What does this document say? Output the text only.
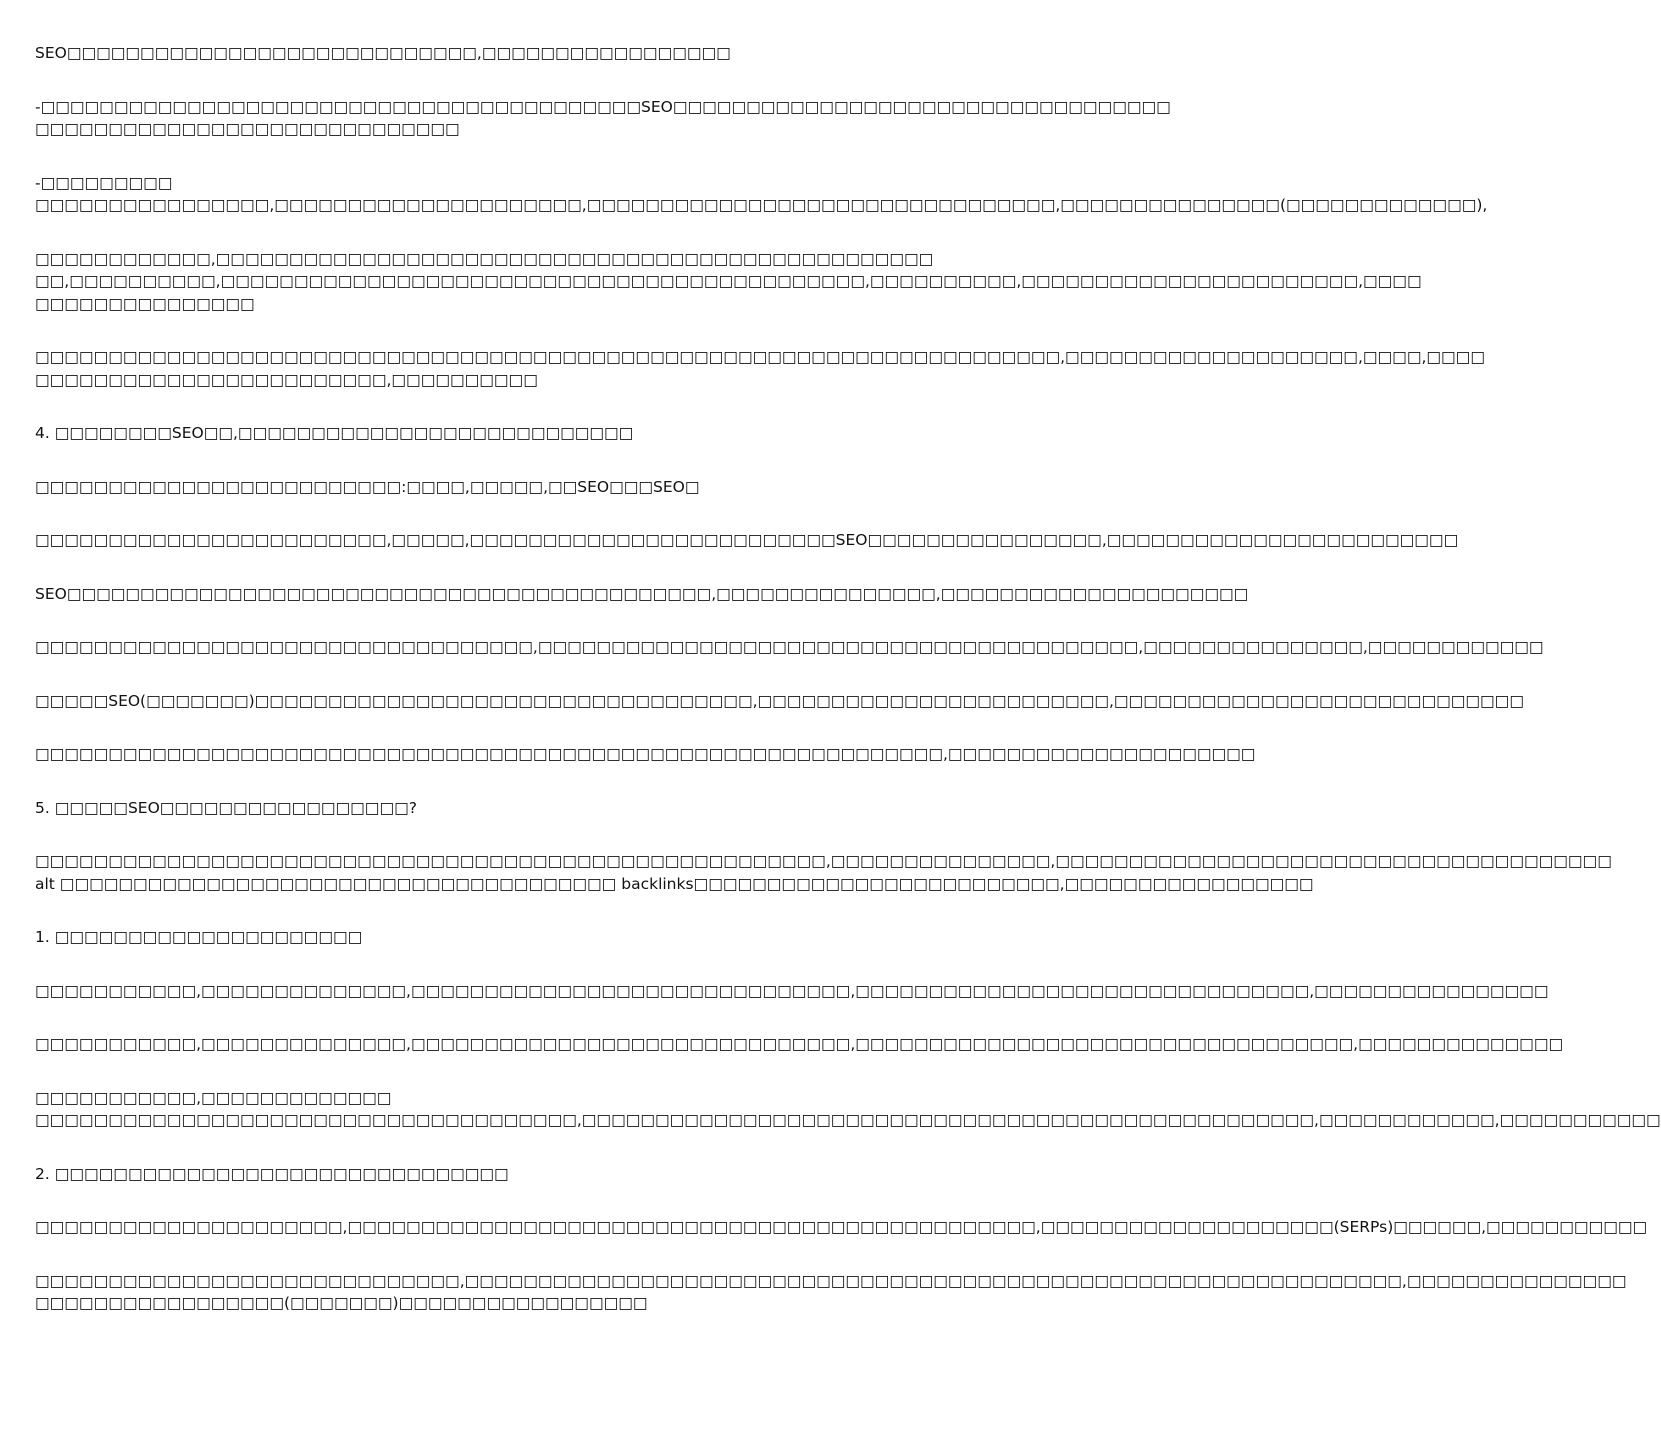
SEO□□□□□□□□□□□□□□□□□□□□□□□□□□□□,□□□□□□□□□□□□□□□□□

-□□□□□□□□□□□□□□□□□□□□□□□□□□□□□□□□□□□□□□□□□SEO□□□□□□□□□□□□□□□□□□□□□□□□□□□□□□□□□□
□□□□□□□□□□□□□□□□□□□□□□□□□□□□□

-□□□□□□□□□
□□□□□□□□□□□□□□□□,□□□□□□□□□□□□□□□□□□□□□,□□□□□□□□□□□□□□□□□□□□□□□□□□□□□□□□,□□□□□□□□□□□□□□□(□□□□□□□□□□□□□),

□□□□□□□□□□□□,□□□□□□□□□□□□□□□□□□□□□□□□□□□□□□□□□□□□□□□□□□□□□□□□□
□□,□□□□□□□□□□,□□□□□□□□□□□□□□□□□□□□□□□□□□□□□□□□□□□□□□□□□□□□,□□□□□□□□□□,□□□□□□□□□□□□□□□□□□□□□□□,□□□□
□□□□□□□□□□□□□□□

□□□□□□□□□□□□□□□□□□□□□□□□□□□□□□□□□□□□□□□□□□□□□□□□□□□□□□□□□□□□□□□□□□□□□□,□□□□□□□□□□□□□□□□□□□□,□□□□,□□□□
□□□□□□□□□□□□□□□□□□□□□□□□,□□□□□□□□□□

4. □□□□□□□□SEO□□,□□□□□□□□□□□□□□□□□□□□□□□□□□□

□□□□□□□□□□□□□□□□□□□□□□□□□:□□□□,□□□□□,□□SEO□□□SEO□

□□□□□□□□□□□□□□□□□□□□□□□□,□□□□□,□□□□□□□□□□□□□□□□□□□□□□□□□SEO□□□□□□□□□□□□□□□□,□□□□□□□□□□□□□□□□□□□□□□□□

SEO□□□□□□□□□□□□□□□□□□□□□□□□□□□□□□□□□□□□□□□□□□□□,□□□□□□□□□□□□□□□,□□□□□□□□□□□□□□□□□□□□□

□□□□□□□□□□□□□□□□□□□□□□□□□□□□□□□□□□,□□□□□□□□□□□□□□□□□□□□□□□□□□□□□□□□□□□□□□□□□,□□□□□□□□□□□□□□□,□□□□□□□□□□□□

□□□□□SEO(□□□□□□□)□□□□□□□□□□□□□□□□□□□□□□□□□□□□□□□□□□,□□□□□□□□□□□□□□□□□□□□□□□□,□□□□□□□□□□□□□□□□□□□□□□□□□□□□

□□□□□□□□□□□□□□□□□□□□□□□□□□□□□□□□□□□□□□□□□□□□□□□□□□□□□□□□□□□□□□,□□□□□□□□□□□□□□□□□□□□□

5. □□□□□SEO□□□□□□□□□□□□□□□□□?

□□□□□□□□□□□□□□□□□□□□□□□□□□□□□□□□□□□□□□□□□□□□□□□□□□□□□□,□□□□□□□□□□□□□□□,□□□□□□□□□□□□□□□□□□□□□□□□□□□□□□□□□□□□□□
alt □□□□□□□□□□□□□□□□□□□□□□□□□□□□□□□□□□□□□□ backlinks□□□□□□□□□□□□□□□□□□□□□□□□□,□□□□□□□□□□□□□□□□□

1. □□□□□□□□□□□□□□□□□□□□□

□□□□□□□□□□□,□□□□□□□□□□□□□□,□□□□□□□□□□□□□□□□□□□□□□□□□□□□□□,□□□□□□□□□□□□□□□□□□□□□□□□□□□□□□□,□□□□□□□□□□□□□□□□

□□□□□□□□□□□,□□□□□□□□□□□□□□,□□□□□□□□□□□□□□□□□□□□□□□□□□□□□□,□□□□□□□□□□□□□□□□□□□□□□□□□□□□□□□□□□,□□□□□□□□□□□□□□

□□□□□□□□□□□,□□□□□□□□□□□□□
□□□□□□□□□□□□□□□□□□□□□□□□□□□□□□□□□□□□□,□□□□□□□□□□□□□□□□□□□□□□□□□□□□□□□□□□□□□□□□□□□□□□□□□□,□□□□□□□□□□□□,□□□□□□□□□□□

2. □□□□□□□□□□□□□□□□□□□□□□□□□□□□□□□

□□□□□□□□□□□□□□□□□□□□□,□□□□□□□□□□□□□□□□□□□□□□□□□□□□□□□□□□□□□□□□□□□□□□□,□□□□□□□□□□□□□□□□□□□□(SERPs)□□□□□□,□□□□□□□□□□□

□□□□□□□□□□□□□□□□□□□□□□□□□□□□□,□□□□□□□□□□□□□□□□□□□□□□□□□□□□□□□□□□□□□□□□□□□□□□□□□□□□□□□□□□□□□□□□,□□□□□□□□□□□□□□□
□□□□□□□□□□□□□□□□□(□□□□□□□)□□□□□□□□□□□□□□□□□
